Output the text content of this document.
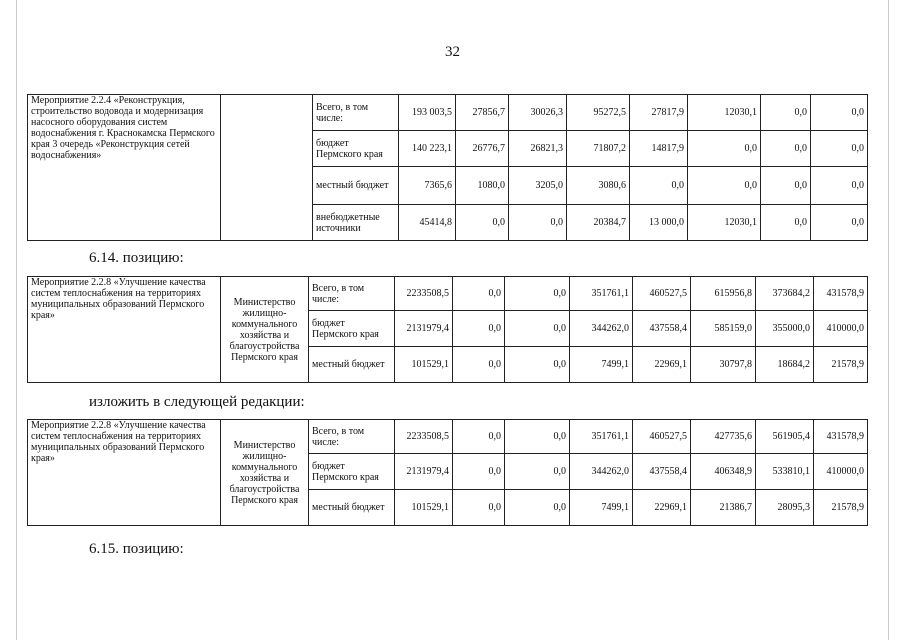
32
Мероприятие 2.2.4 «Реконструкция, строительство водовода и модернизация насосного оборудования систем водоснабжения г. Краснокамска Пермского края 3 очередь «Реконструкция сетей водоснабжения»		Всего, в том числе:	193 003,5	27856,7	30026,3	95272,5	27817,9	12030,1	0,0	0,0
		бюджет Пермского края	140 223,1	26776,7	26821,3	71807,2	14817,9	0,0	0,0	0,0
		местный бюджет	7365,6	1080,0	3205,0	3080,6	0,0	0,0	0,0	0,0
		внебюджетные источники	45414,8	0,0	0,0	20384,7	13 000,0	12030,1	0,0	0,0
6.14. позицию:
Мероприятие 2.2.8 «Улучшение качества систем теплоснабжения на территориях муниципальных образований Пермского края»	Министерство жилищно-коммунального хозяйства и благоустройства Пермского края	Всего, в том числе:	2233508,5	0,0	0,0	351761,1	460527,5	615956,8	373684,2	431578,9
		бюджет Пермского края	2131979,4	0,0	0,0	344262,0	437558,4	585159,0	355000,0	410000,0
		местный бюджет	101529,1	0,0	0,0	7499,1	22969,1	30797,8	18684,2	21578,9
изложить в следующей редакции:
Мероприятие 2.2.8 «Улучшение качества систем теплоснабжения на территориях муниципальных образований Пермского края»	Министерство жилищно-коммунального хозяйства и благоустройства Пермского края	Всего, в том числе:	2233508,5	0,0	0,0	351761,1	460527,5	427735,6	561905,4	431578,9
		бюджет Пермского края	2131979,4	0,0	0,0	344262,0	437558,4	406348,9	533810,1	410000,0
		местный бюджет	101529,1	0,0	0,0	7499,1	22969,1	21386,7	28095,3	21578,9
6.15. позицию:
